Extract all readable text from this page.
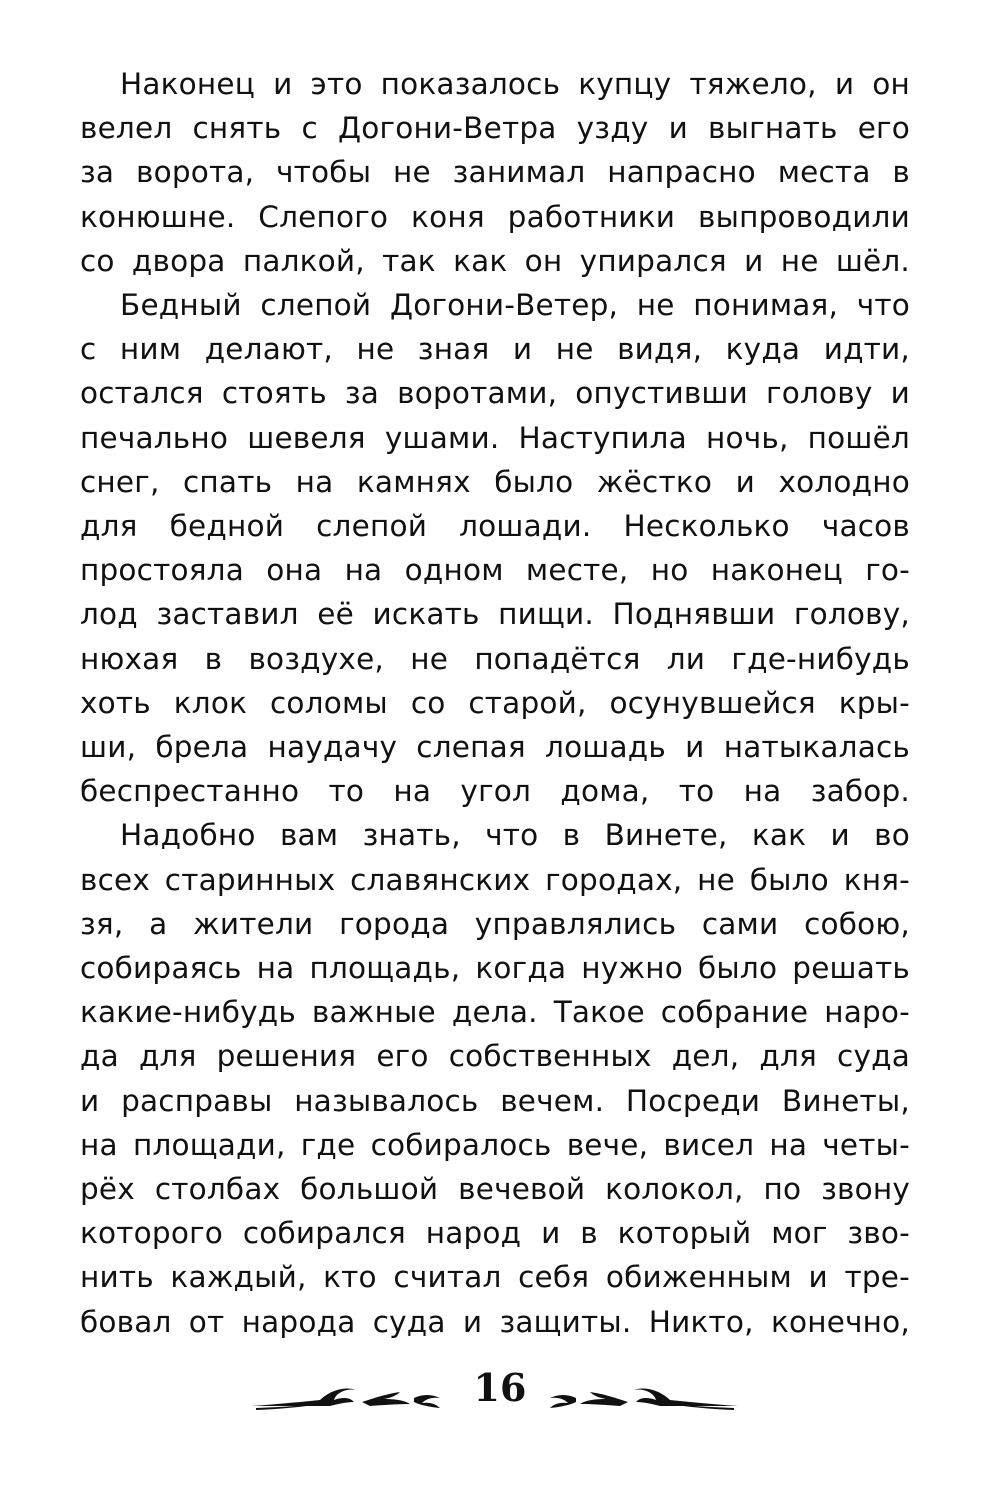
Наконец и это показалось купцу тяжело, и он
велел снять с Догони-Ветра узду и выгнать его
за ворота, чтобы не занимал напрасно места в
конюшне. Слепого коня работники выпроводили
со двора палкой, так как он упирался и не шёл.

Бедный слепой Догони-Ветер, не понимая, что
с ним делают, не зная и не видя, куда идти,
остался стоять за воротами, опустивши голову и
печально шевеля ушами. Наступила ночь, пошёл
снег, спать на камнях было жёстко и холодно
для бедной слепой лошади. Несколько часов
простояла она на одном месте, но наконец го-
лод заставил её искать пищи. Поднявши голову,
нюхая в воздухе, не попадётся ли где-нибудь
хоть клок соломы со старой, осунувшейся кры-
ши, брела наудачу слепая лошадь и натыкалась
беспрестанно то на угол дома, то на забор.

Надобно вам знать, что в Винете, как и во
всех старинных славянских городах, не было кня-
зя, а жители города управлялись сами собою,
собираясь на площадь, когда нужно было решать
какие-нибудь важные дела. Такое собрание наро-
да для решения его собственных дел, для суда
и расправы называлось вечем. Посреди Винеты,
на площади, где собиралось вече, висел на четы-
рёх столбах большой вечевой колокол, по звону
которого собирался народ и в который мог зво-
нить каждый, кто считал себя обиженным и тре-
бовал от народа суда и защиты. Никто, конечно,

16
